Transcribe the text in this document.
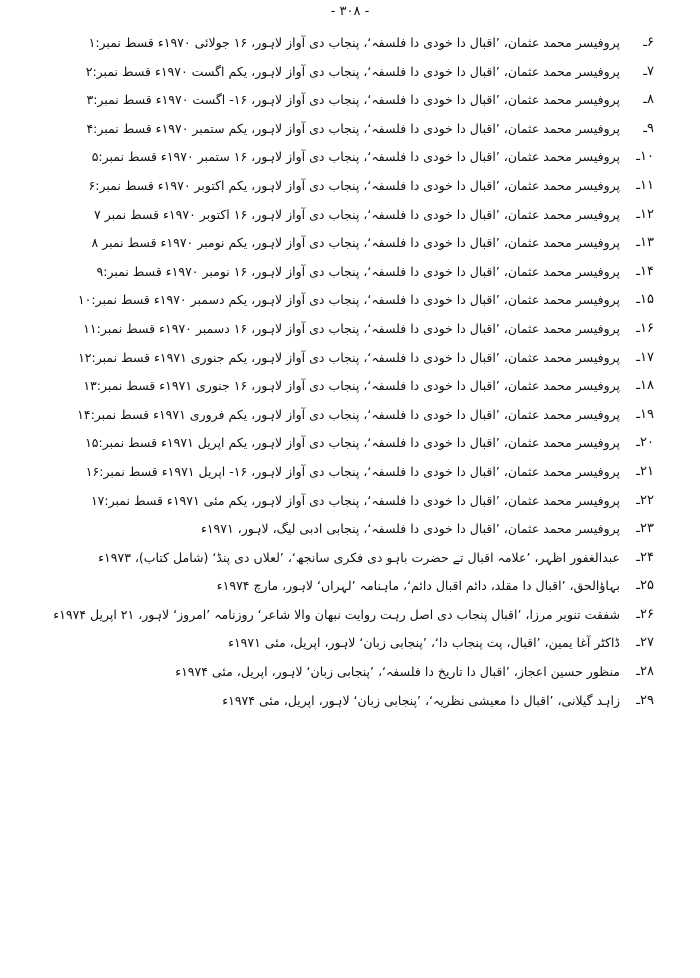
- ۳۰۸ -
۶ـ
پروفیسر محمد عثمان، ’اقبال دا خودی دا فلسفہ‘، پنجاب دی آواز لاہور، ۱۶ جولائی ۱۹۷۰ء قسط نمبر:۱
۷ـ
پروفیسر محمد عثمان، ’اقبال دا خودی دا فلسفہ‘، پنجاب دی آواز لاہور، یکم اگست ۱۹۷۰ء قسط نمبر:۲
۸ـ
پروفیسر محمد عثمان، ’اقبال دا خودی دا فلسفہ‘، پنجاب دی آواز لاہور، ۱۶- اگست ۱۹۷۰ء قسط نمبر:۳
۹ـ
پروفیسر محمد عثمان، ’اقبال دا خودی دا فلسفہ‘، پنجاب دی آواز لاہور، یکم ستمبر ۱۹۷۰ء قسط نمبر:۴
۱۰ـ
پروفیسر محمد عثمان، ’اقبال دا خودی دا فلسفہ‘، پنجاب دی آواز لاہور، ۱۶ ستمبر ۱۹۷۰ء قسط نمبر:۵
۱۱ـ
پروفیسر محمد عثمان، ’اقبال دا خودی دا فلسفہ‘، پنجاب دی آواز لاہور، یکم اکتوبر ۱۹۷۰ء قسط نمبر:۶
۱۲ـ
پروفیسر محمد عثمان، ’اقبال دا خودی دا فلسفہ‘، پنجاب دی آواز لاہور، ۱۶ اکتوبر ۱۹۷۰ء قسط نمبر ۷
۱۳ـ
پروفیسر محمد عثمان، ’اقبال دا خودی دا فلسفہ‘، پنجاب دی آواز لاہور، یکم نومبر ۱۹۷۰ء قسط نمبر ۸
۱۴ـ
پروفیسر محمد عثمان، ’اقبال دا خودی دا فلسفہ‘، پنجاب دی آواز لاہور، ۱۶ نومبر ۱۹۷۰ء قسط نمبر:۹
۱۵ـ
پروفیسر محمد عثمان، ’اقبال دا خودی دا فلسفہ‘، پنجاب دی آواز لاہور، یکم دسمبر ۱۹۷۰ء قسط نمبر:۱۰
۱۶ـ
پروفیسر محمد عثمان، ’اقبال دا خودی دا فلسفہ‘، پنجاب دی آواز لاہور، ۱۶ دسمبر ۱۹۷۰ء قسط نمبر:۱۱
۱۷ـ
پروفیسر محمد عثمان، ’اقبال دا خودی دا فلسفہ‘، پنجاب دی آواز لاہور، یکم جنوری ۱۹۷۱ء قسط نمبر:۱۲
۱۸ـ
پروفیسر محمد عثمان، ’اقبال دا خودی دا فلسفہ‘، پنجاب دی آواز لاہور، ۱۶ جنوری ۱۹۷۱ء قسط نمبر:۱۳
۱۹ـ
پروفیسر محمد عثمان، ’اقبال دا خودی دا فلسفہ‘، پنجاب دی آواز لاہور، یکم فروری ۱۹۷۱ء قسط نمبر:۱۴
۲۰ـ
پروفیسر محمد عثمان، ’اقبال دا خودی دا فلسفہ‘، پنجاب دی آواز لاہور، یکم اپریل ۱۹۷۱ء قسط نمبر:۱۵
۲۱ـ
پروفیسر محمد عثمان، ’اقبال دا خودی دا فلسفہ‘، پنجاب دی آواز لاہور، ۱۶- اپریل ۱۹۷۱ء قسط نمبر:۱۶
۲۲ـ
پروفیسر محمد عثمان، ’اقبال دا خودی دا فلسفہ‘، پنجاب دی آواز لاہور، یکم مئی ۱۹۷۱ء قسط نمبر:۱۷
۲۳ـ
پروفیسر محمد عثمان، ’اقبال دا خودی دا فلسفہ‘، پنجابی ادبی لیگ، لاہور، ۱۹۷۱ء
۲۴ـ
عبدالغفور اظہر، ’علامہ اقبال تے حضرت باہو دی فکری سانجھ‘، ’لعلاں دی پنڈ‘ (شامل کتاب)، ۱۹۷۳ء
۲۵ـ
بہاؤالحق، ’اقبال دا مقلد، دائم اقبال دائم‘، ماہنامہ ’لہراں‘ لاہور، مارچ ۱۹۷۴ء
۲۶ـ
شفقت تنویر مرزا، ’اقبال پنجاب دی اصل رہت روایت نبھان والا شاعر‘ روزنامہ ’امروز‘ لاہور، ۲۱ اپریل ۱۹۷۴ء
۲۷ـ
ڈاکٹر آغا یمین، ’اقبال، پت پنجاب دا‘، ’پنجابی زبان‘ لاہور، اپریل، مئی ۱۹۷۱ء
۲۸ـ
منظور حسین اعجاز، ’اقبال دا تاریخ دا فلسفہ‘، ’پنجابی زبان‘ لاہور، اپریل، مئی ۱۹۷۴ء
۲۹ـ
زاہد گیلانی، ’اقبال دا معیشی نظریہ‘، ’پنجابی زبان‘ لاہور، اپریل، مئی ۱۹۷۴ء
